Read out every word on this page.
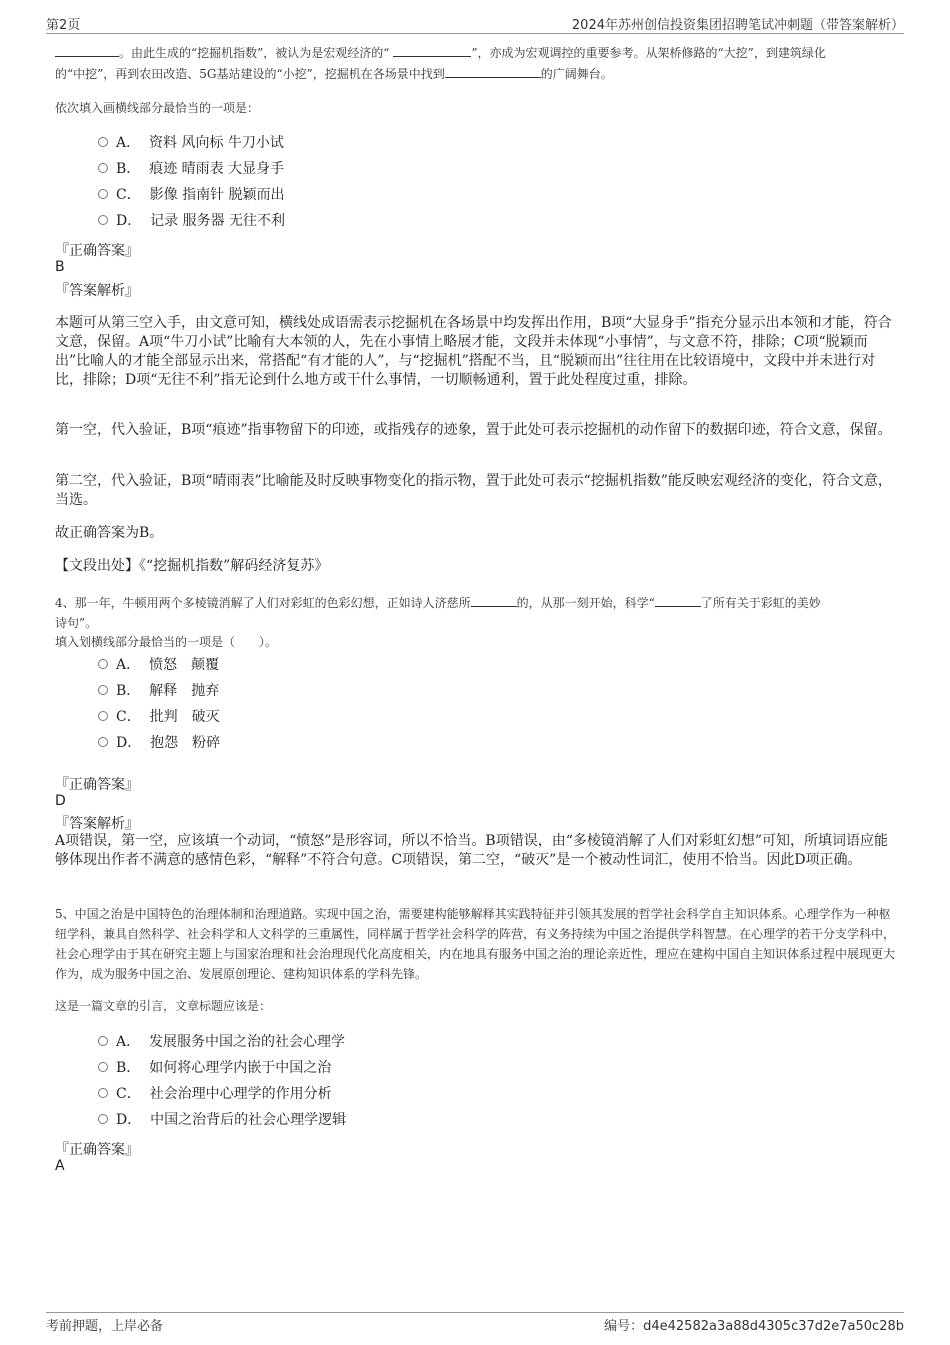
第2页	2024年苏州创信投资集团招聘笔试冲刺题（带答案解析）
。由此生成的“挖掘机指数”，被认为是宏观经济的“	”，亦成为宏观调控的重要参考。从架桥修路的“大挖”，到建筑绿化
的“中挖”，再到农田改造、5G基站建设的“小挖”，挖掘机在各场景中找到	的广阔舞台。
依次填入画横线部分最恰当的一项是：
A． 资料 风向标 牛刀小试
B． 痕迹 晴雨表 大显身手
C． 影像 指南针 脱颖而出
D． 记录 服务器 无往不利
『正确答案』
B
『答案解析』
本题可从第三空入手，由文意可知，横线处成语需表示挖掘机在各场景中均发挥出作用，B项“大显身手”指充分显示出本领和才能，符合文意，保留。A项“牛刀小试”比喻有大本领的人，先在小事情上略展才能，文段并未体现“小事情”，与文意不符，排除；C项“脱颖而出”比喻人的才能全部显示出来，常搭配“有才能的人”，与“挖掘机”搭配不当，且“脱颖而出”往往用在比较语境中，文段中并未进行对比，排除；D项“无往不利”指无论到什么地方或干什么事情，一切顺畅通利，置于此处程度过重，排除。
第一空，代入验证，B项“痕迹”指事物留下的印迹，或指残存的迹象，置于此处可表示挖掘机的动作留下的数据印迹，符合文意，保留。
第二空，代入验证，B项“晴雨表”比喻能及时反映事物变化的指示物，置于此处可表示“挖掘机指数”能反映宏观经济的变化，符合文意，当选。
故正确答案为B。
【文段出处】《“挖掘机指数”解码经济复苏》
4、那一年，牛顿用两个多棱镜消解了人们对彩虹的色彩幻想，正如诗人济慈所	的，从那一刻开始，科学“	了所有关于彩虹的美妙
诗句”。
填入划横线部分最恰当的一项是（　　）。
A． 愤怒　颠覆
B． 解释　抛弃
C． 批判　破灭
D． 抱怨　粉碎
『正确答案』
D
『答案解析』
A项错误，第一空，应该填一个动词，“愤怒”是形容词，所以不恰当。B项错误，由“多棱镜消解了人们对彩虹幻想”可知，所填词语应能够体现出作者不满意的感情色彩，“解释”不符合句意。C项错误，第二空，“破灭”是一个被动性词汇，使用不恰当。因此D项正确。
5、中国之治是中国特色的治理体制和治理道路。实现中国之治，需要建构能够解释其实践特征并引领其发展的哲学社会科学自主知识体系。心理学作为一种枢纽学科，兼具自然科学、社会科学和人文科学的三重属性，同样属于哲学社会科学的阵营，有义务持续为中国之治提供学科智慧。在心理学的若干分支学科中，社会心理学由于其在研究主题上与国家治理和社会治理现代化高度相关，内在地具有服务中国之治的理论亲近性，理应在建构中国自主知识体系过程中展现更大作为，成为服务中国之治、发展原创理论、建构知识体系的学科先锋。
这是一篇文章的引言，文章标题应该是：
A． 发展服务中国之治的社会心理学
B． 如何将心理学内嵌于中国之治
C． 社会治理中心理学的作用分析
D． 中国之治背后的社会心理学逻辑
『正确答案』
A
考前押题，上岸必备	编号：d4e42582a3a88d4305c37d2e7a50c28b
